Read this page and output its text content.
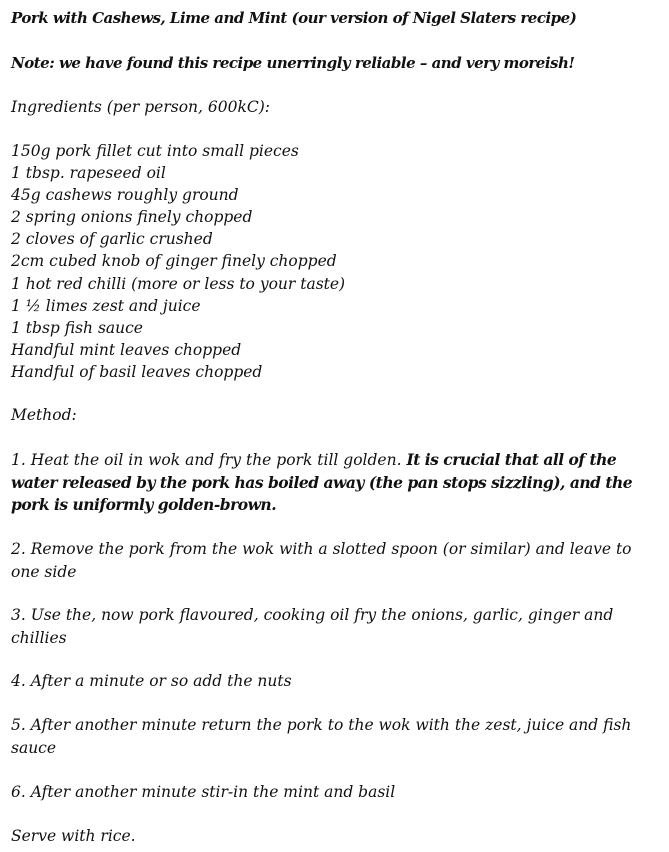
Pork with Cashews, Lime and Mint (our version of Nigel Slaters recipe)
Note: we have found this recipe unerringly reliable – and very moreish!
Ingredients (per person, 600kC):
150g pork fillet cut into small pieces
1 tbsp. rapeseed oil
45g cashews roughly ground
2 spring onions finely chopped
2 cloves of garlic crushed
2cm cubed knob of ginger finely chopped
1 hot red chilli (more or less to your taste)
1 ½ limes zest and juice
1 tbsp fish sauce
Handful mint leaves chopped
Handful of basil leaves chopped
Method:
1. Heat the oil in wok and fry the pork till golden. It is crucial that all of the water released by the pork has boiled away (the pan stops sizzling), and the pork is uniformly golden-brown.
2. Remove the pork from the wok with a slotted spoon (or similar) and leave to one side
3. Use the, now pork flavoured, cooking oil fry the onions, garlic, ginger and chillies
4. After a minute or so add the nuts
5. After another minute return the pork to the wok with the zest, juice and fish sauce
6. After another minute stir-in the mint and basil
Serve with rice.
